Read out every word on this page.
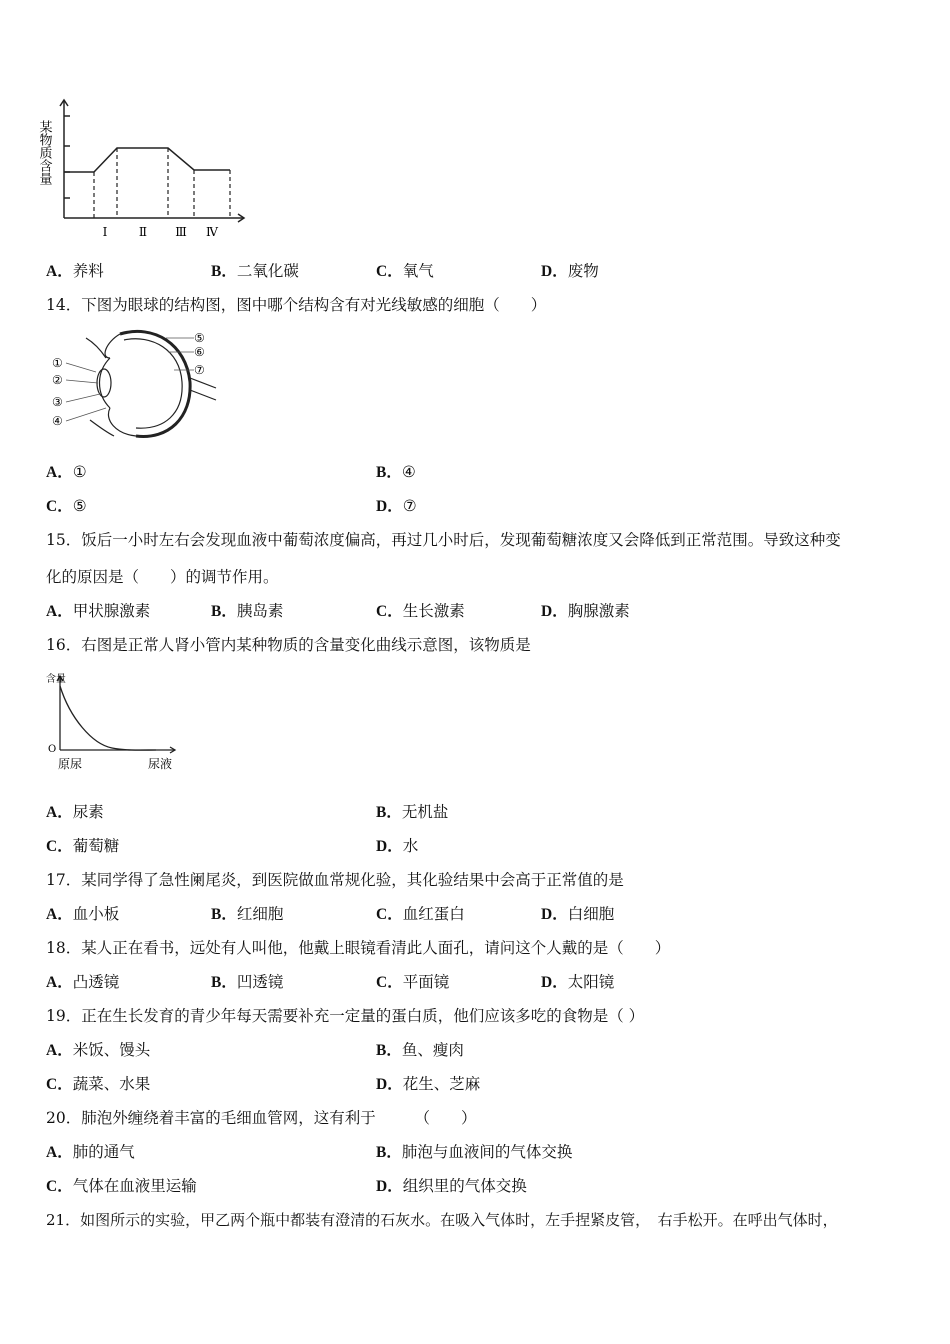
某物质含量
Ⅰ	Ⅱ Ⅲ Ⅳ
A．养料	B．二氧化碳	C．氧气	D．废物
14．下图为眼球的结构图，图中哪个结构含有对光线敏感的细胞（　　）
①
②
③
④
⑤
⑥
⑦
A．①	B．④
C．⑤	D．⑦
15．饭后一小时左右会发现血液中葡萄浓度偏高，再过几小时后，发现葡萄糖浓度又会降低到正常范围。导致这种变
化的原因是（　　）的调节作用。
A．甲状腺激素	B．胰岛素	C．生长激素	D．胸腺激素
16．右图是正常人肾小管内某种物质的含量变化曲线示意图，该物质是
含量
O
原尿	尿液
A．尿素	B．无机盐
C．葡萄糖	D．水
17．某同学得了急性阑尾炎，到医院做血常规化验，其化验结果中会高于正常值的是
A．血小板	B．红细胞	C．血红蛋白	D．白细胞
18．某人正在看书，远处有人叫他，他戴上眼镜看清此人面孔，请问这个人戴的是（　　）
A．凸透镜	B．凹透镜	C．平面镜	D．太阳镜
19．正在生长发育的青少年每天需要补充一定量的蛋白质，他们应该多吃的食物是（ ）
A．米饭、馒头	B．鱼、瘦肉
C．蔬菜、水果	D．花生、芝麻
20．肺泡外缠绕着丰富的毛细血管网，这有利于　　　（　　）
A．肺的通气	B．肺泡与血液间的气体交换
C．气体在血液里运输	D．组织里的气体交换
21．如图所示的实验，甲乙两个瓶中都装有澄清的石灰水。在吸入气体时，左手捏紧皮管，　右手松开。在呼出气体时，
